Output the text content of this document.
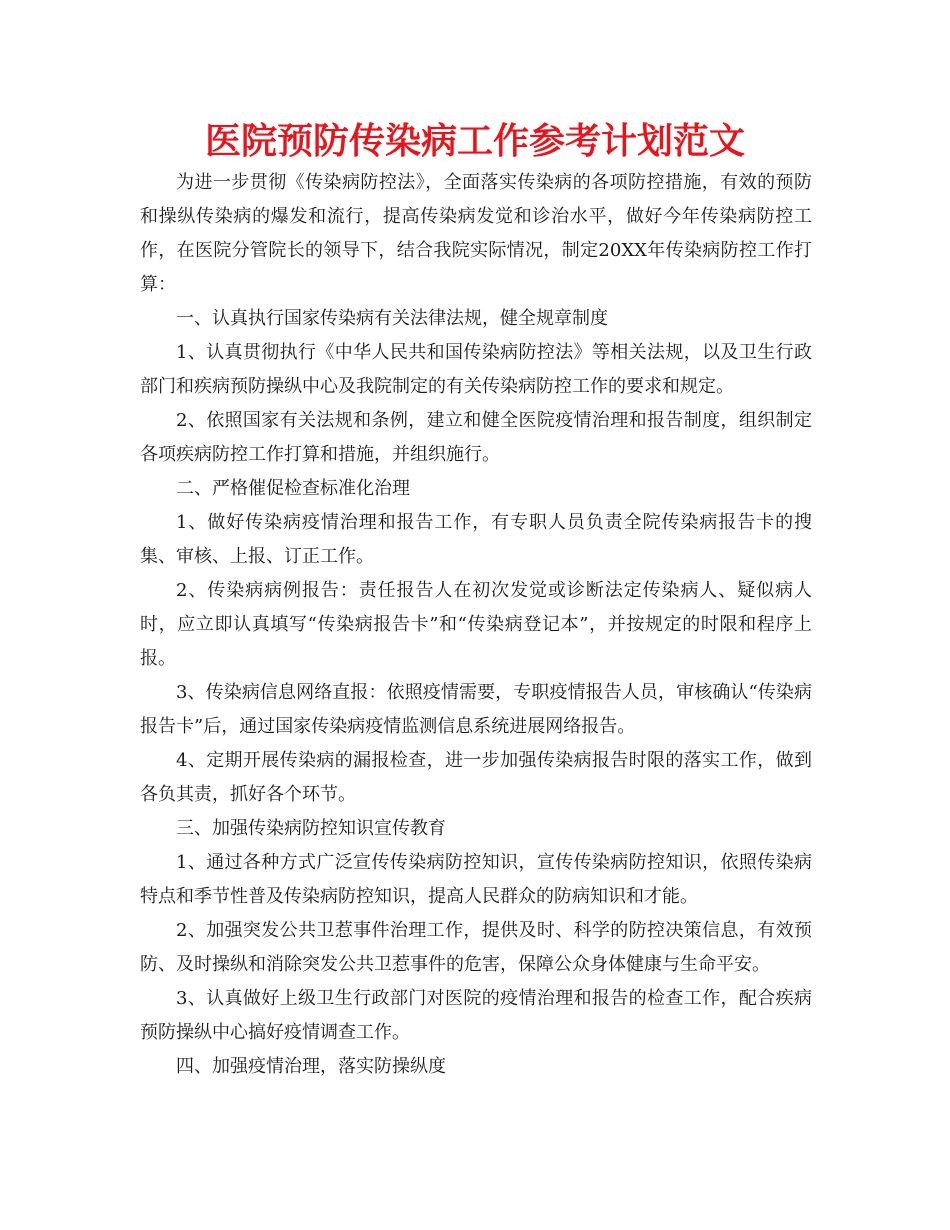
医院预防传染病工作参考计划范文

为进一步贯彻《传染病防控法》，全面落实传染病的各项防控措施，有效的预防和操纵传染病的爆发和流行，提高传染病发觉和诊治水平，做好今年传染病防控工作，在医院分管院长的领导下，结合我院实际情况，制定20XX年传染病防控工作打算：

一、认真执行国家传染病有关法律法规，健全规章制度

1、认真贯彻执行《中华人民共和国传染病防控法》等相关法规，以及卫生行政部门和疾病预防操纵中心及我院制定的有关传染病防控工作的要求和规定。

2、依照国家有关法规和条例，建立和健全医院疫情治理和报告制度，组织制定各项疾病防控工作打算和措施，并组织施行。

二、严格催促检查标准化治理

1、做好传染病疫情治理和报告工作，有专职人员负责全院传染病报告卡的搜集、审核、上报、订正工作。

2、传染病病例报告：责任报告人在初次发觉或诊断法定传染病人、疑似病人时，应立即认真填写“传染病报告卡”和“传染病登记本”，并按规定的时限和程序上报。

3、传染病信息网络直报：依照疫情需要，专职疫情报告人员，审核确认“传染病报告卡”后，通过国家传染病疫情监测信息系统进展网络报告。

4、定期开展传染病的漏报检查，进一步加强传染病报告时限的落实工作，做到各负其责，抓好各个环节。

三、加强传染病防控知识宣传教育

1、通过各种方式广泛宣传传染病防控知识，宣传传染病防控知识，依照传染病特点和季节性普及传染病防控知识，提高人民群众的防病知识和才能。

2、加强突发公共卫惹事件治理工作，提供及时、科学的防控决策信息，有效预防、及时操纵和消除突发公共卫惹事件的危害，保障公众身体健康与生命平安。

3、认真做好上级卫生行政部门对医院的疫情治理和报告的检查工作，配合疾病预防操纵中心搞好疫情调查工作。

四、加强疫情治理，落实防操纵度
